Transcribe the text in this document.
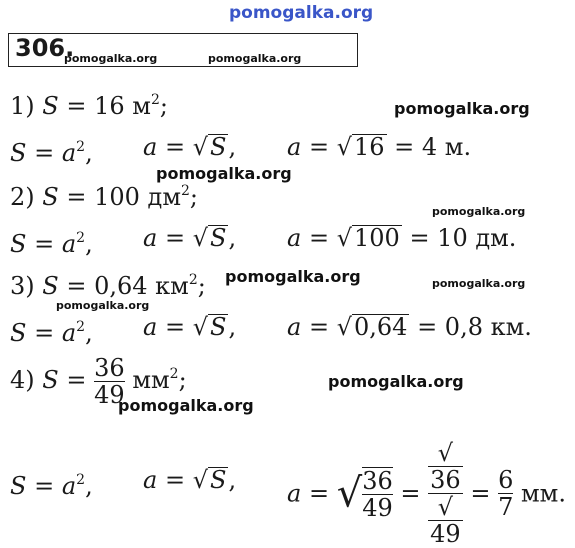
pomogalka.org
306.
pomogalka.org	pomogalka.org
1) S = 16 $м^2$;	pomogalka.org
$S = a^2$, a = √S, a = √16 = 4 м.
2) S = 100 $дм^2$;
pomogalka.org
pomogalka.org
$S = a^2$, a = √S, a = √100 = 10 дм.
3) S = 0,64 $км^2$; pomogalka.org	pomogalka.org
pomogalka.org
$S = a^2$, a = √S, a = √0,64 = 0,8 км.
4) $S = \frac{36}{49} мм^2$;	pomogalka.org
pomogalka.org
$S = a^2$, a = √S, a = √ $\frac{36}{49}$ = √
36
√
$49 = \frac{6}{7}$ мм.
